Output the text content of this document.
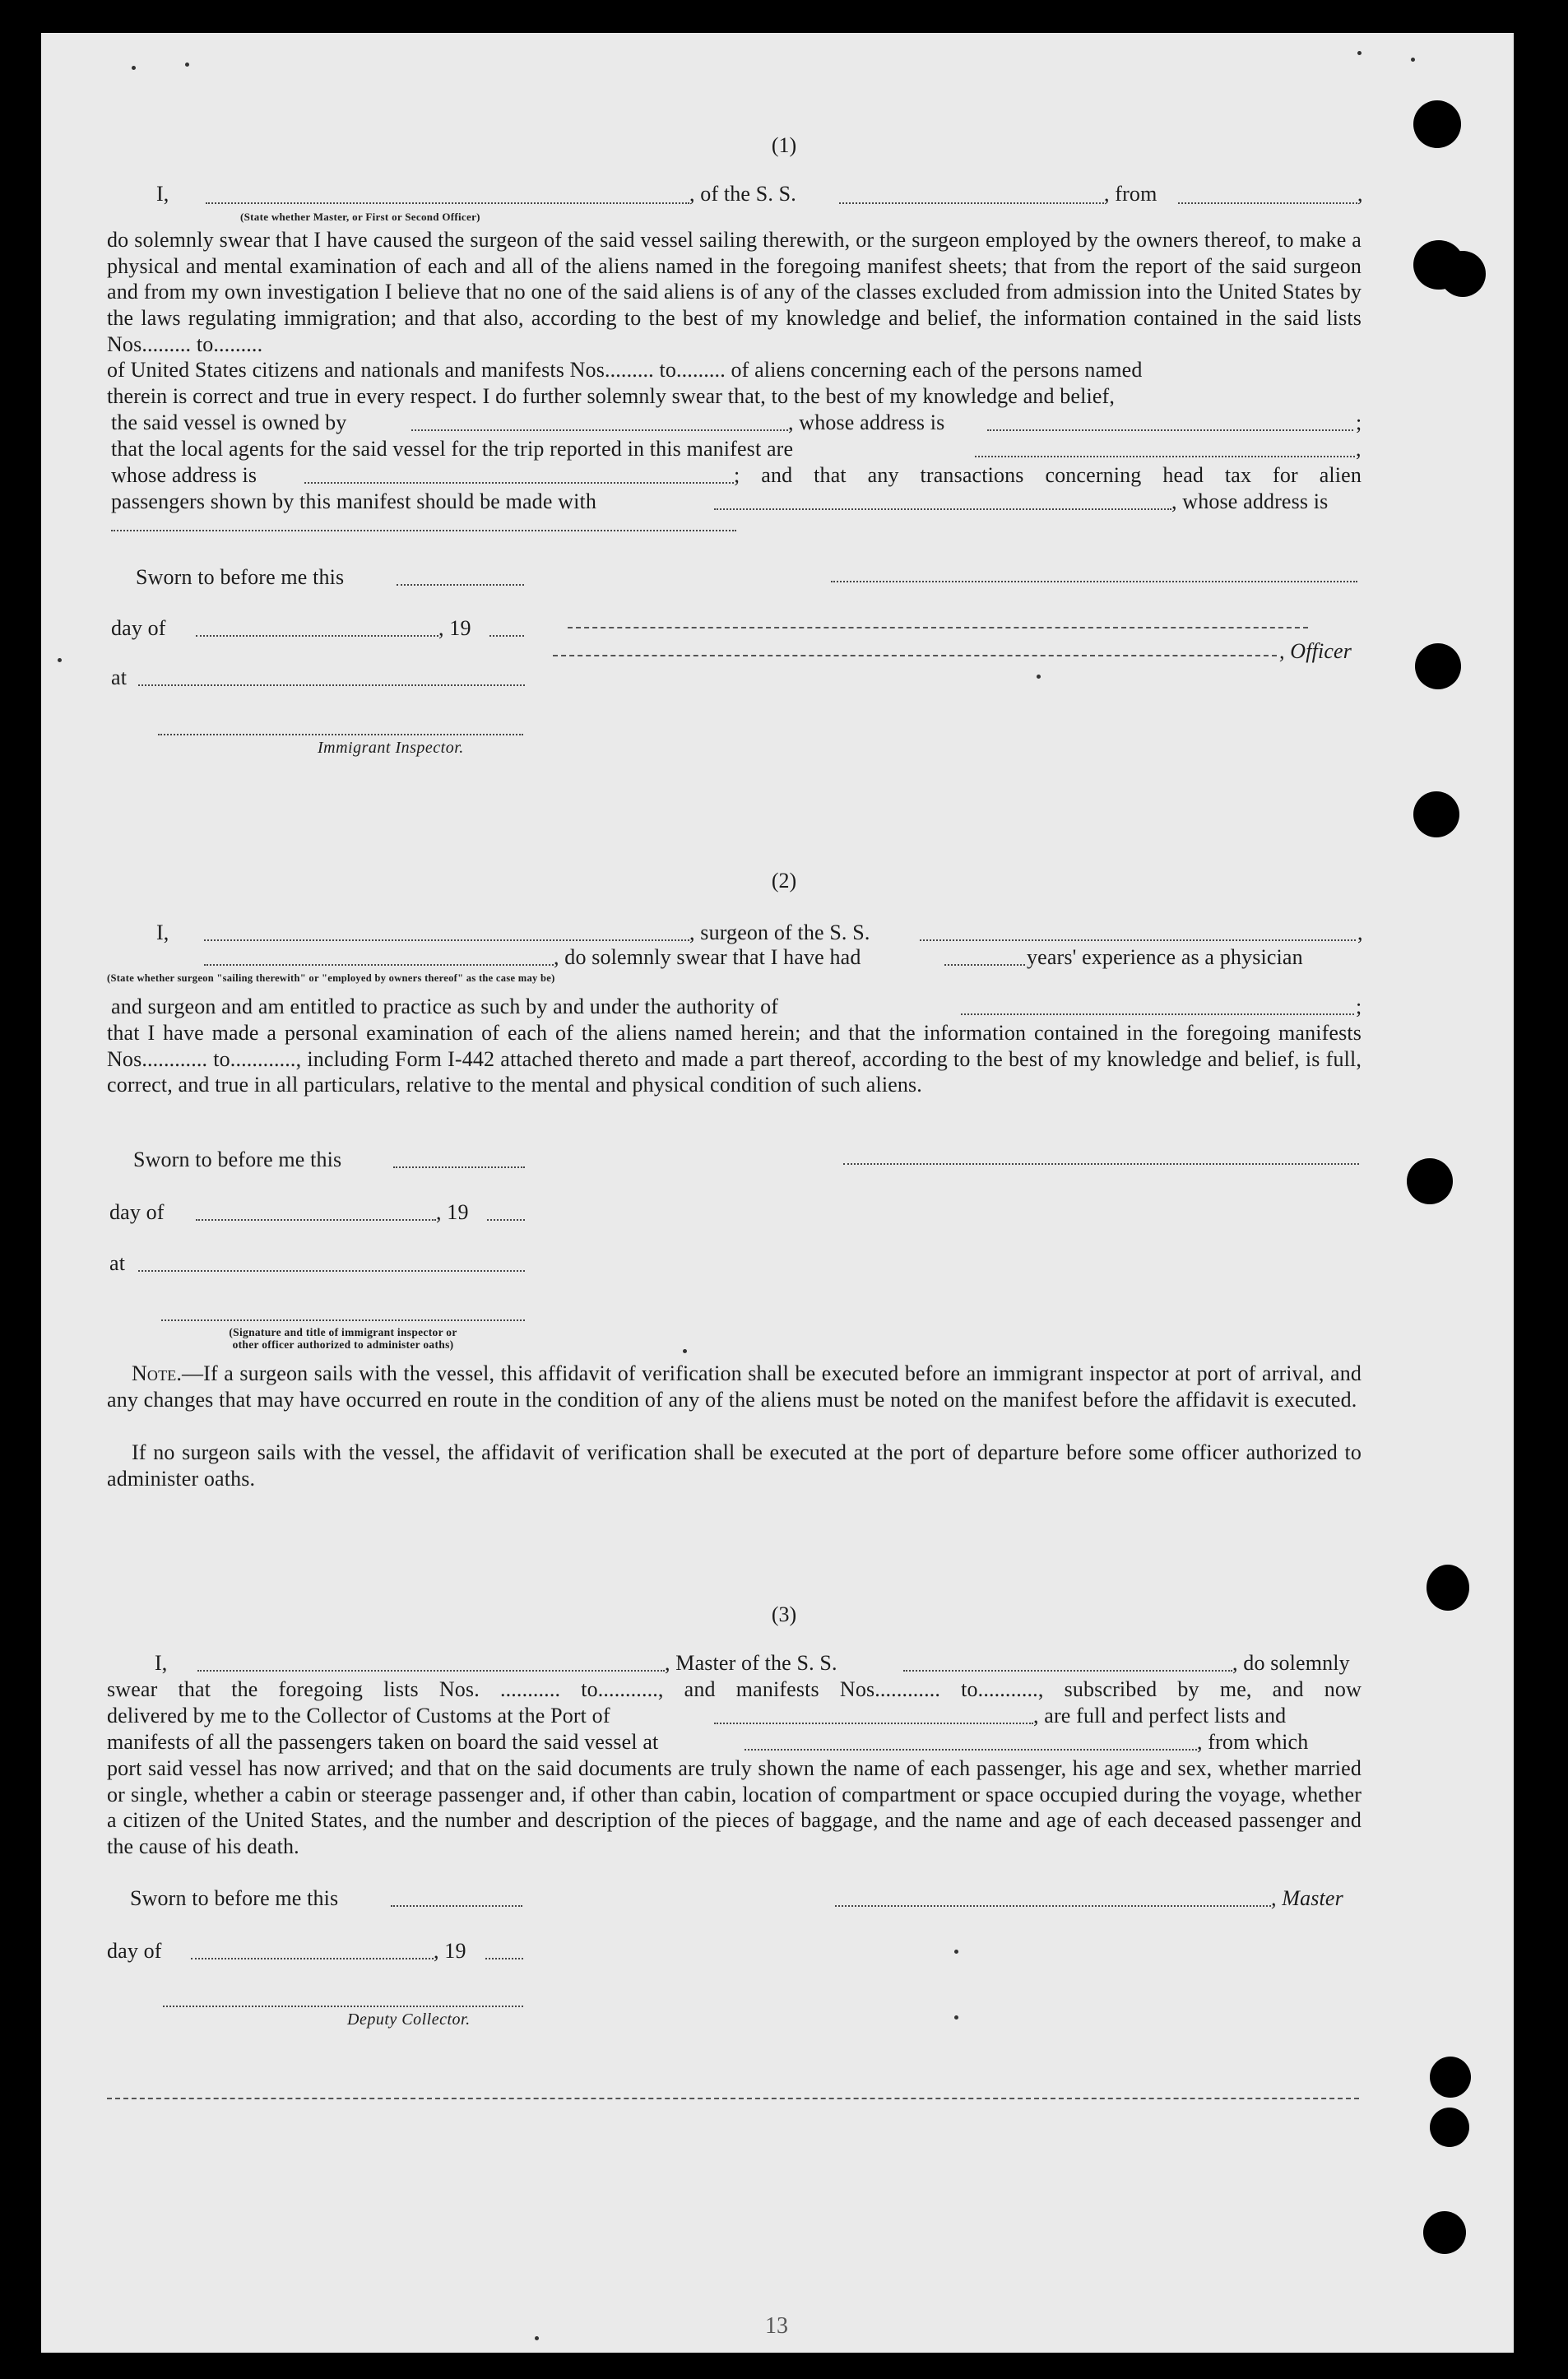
(1)
I,
(State whether Master, or First or Second Officer)
, of the S. S.	, from	,
do solemnly swear that I have caused the surgeon of the said vessel sailing therewith, or the surgeon employed by the owners thereof, to make a physical and mental examination of each and all of the aliens named in the foregoing manifest sheets; that from the report of the said surgeon and from my own investigation I believe that no one of the said aliens is of any of the classes excluded from admission into the United States by the laws regulating immigration; and that also, according to the best of my knowledge and belief, the information contained in the said lists Nos......... to.........
of United States citizens and nationals and manifests Nos......... to......... of aliens concerning each of the persons named
therein is correct and true in every respect. I do further solemnly swear that, to the best of my knowledge and belief,
the said vessel is owned by	, whose address is	;
that the local agents for the said vessel for the trip reported in this manifest are	,
whose address is	; and that any transactions concerning head tax for alien
passengers shown by this manifest should be made with	, whose address is
Sworn to before me this
day of	, 19
at
, Officer
Immigrant Inspector.
(2)
I,	, surgeon of the S. S.	,
, do solemnly swear that I have had	years' experience as a physician
(State whether surgeon "sailing therewith" or "employed by owners thereof" as the case may be)
and surgeon and am entitled to practice as such by and under the authority of	;
that I have made a personal examination of each of the aliens named herein; and that the information contained in the foregoing manifests Nos............ to............, including Form I-442 attached thereto and made a part thereof, according to the best of my knowledge and belief, is full, correct, and true in all particulars, relative to the mental and physical condition of such aliens.
Sworn to before me this
day of	, 19
at
(Signature and title of immigrant inspector or
other officer authorized to administer oaths)
Note.—If a surgeon sails with the vessel, this affidavit of verification shall be executed before an immigrant inspector at port of arrival, and any changes that may have occurred en route in the condition of any of the aliens must be noted on the manifest before the affidavit is executed.
If no surgeon sails with the vessel, the affidavit of verification shall be executed at the port of departure before some officer authorized to administer oaths.
(3)
I,	, Master of the S. S.	, do solemnly
swear that the foregoing lists Nos. ........... to..........., and manifests Nos............ to..........., subscribed by me, and now
delivered by me to the Collector of Customs at the Port of	, are full and perfect lists and
manifests of all the passengers taken on board the said vessel at	, from which
port said vessel has now arrived; and that on the said documents are truly shown the name of each passenger, his age and sex, whether married or single, whether a cabin or steerage passenger and, if other than cabin, location of compartment or space occupied during the voyage, whether a citizen of the United States, and the number and description of the pieces of baggage, and the name and age of each deceased passenger and the cause of his death.
Sworn to before me this	, Master
day of	, 19
Deputy Collector.
13
